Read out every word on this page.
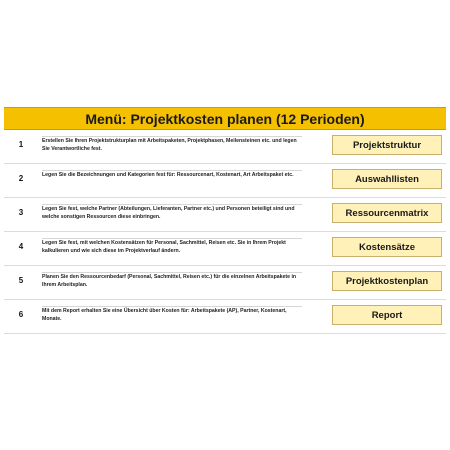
Menü: Projektkosten planen (12 Perioden)
1	Erstellen Sie Ihren Projektstrukturplan mit Arbeitspaketen, Projektphasen, Meilensteinen etc. und legen Sie Verantwortliche fest.	Projektstruktur
2	Legen Sie die Bezeichnungen und Kategorien fest für: Ressourcenart, Kostenart, Art Arbeitspaket etc.	Auswahllisten
3	Legen Sie fest, welche Partner (Abteilungen, Lieferanten, Partner etc.) und Personen beteiligt sind und welche sonstigen Ressourcen diese einbringen.	Ressourcenmatrix
4	Legen Sie fest, mit welchen Kostensätzen für Personal, Sachmittel, Reisen etc. Sie in Ihrem Projekt kalkulieren und wie sich diese im Projektverlauf ändern.	Kostensätze
5	Planen Sie den Ressourcenbedarf (Personal, Sachmittel, Reisen etc.) für die einzelnen Arbeitspakete in Ihrem Arbeitsplan.	Projektkostenplan
6	Mit dem Report erhalten Sie eine Übersicht über Kosten für: Arbeitspakete (AP), Partner, Kostenart, Monate.	Report
